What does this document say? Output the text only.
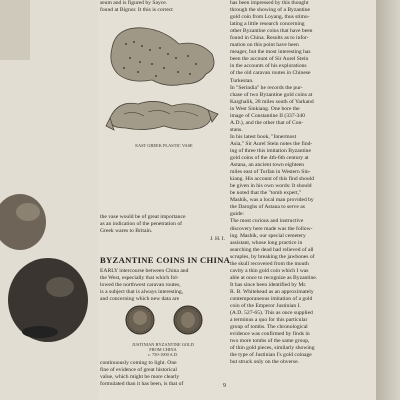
seum and is figured by Sayce.

found at Bignor. It this is correct

EAST GREEK PLASTIC VASE

the vase would be of great importance

as an indication of the penetration of

Greek wares to Britain.

J. H. I.
BYZANTINE COINS IN CHINA

EARLY intercourse between China and

the West, especially that which fol-

lowed the northwest caravan routes,

is a subject that is always interesting,

and concerning which new data are

JUSTINIAN BYZANTINE GOLD
FROM CHINA
c. 750-1000 A.D.

continuously coming to light. One

fine of evidence of great historical

value, which might be more clearly

formulated than it has been, is that of

has been impressed by this thought

through the showing of a Byzantine

gold coin from Loyang, thus stimu-

lating a little research concerning

other Byzantine coins that have been

found in China. Results as to infor-

mation on this point have been

meager, but the most interesting has

been the account of Sir Aurel Stein

in the accounts of his explorations

of the old caravan routes in Chinese

Turkestan.

In "Serindia" he records the pur-

chase of two Byzantine gold coins at

Karghalik, 28 miles south of Yarkand

in West Sinkiang. One bore the

image of Constantine II (337-340

A.D.), and the other that of Con-

stans.

In his latest book, "Innermost

Asia," Sir Aurel Stein notes the find-

ing of three this imitation Byzantine

gold coins of the 4th-6th century at

Astana, an ancient town eighteen

miles east of Turfan in Western Sin-

kiang. His account of this find should

be given in his own words: It should

be noted that the "tomb expert,"

Mashik, was a local man provided by

the Daroghs of Astana to serve as

guide:

The most curious and instructive

discovery here made was the follow-

ing. Mashik, our special cemetery

assistant, whose long practice in

searching the dead had relieved of all

scruples, by breaking the jawbones of

the skull recovered from the mouth

cavity a thin gold coin which I was

able at once to recognize as Byzantine.

It has since been identified by Mr.

R. B. Whitehead as an approximately

contemporaneous imitation of a gold

coin of the Emperor Justinian I.

(A.D. 527-65). This as once supplied

a terminus a quo for this particular

group of tombs. The chronological

evidence was confirmed by finds in

two more tombs of the same group,

of thin gold pieces, similarly showing

the type of Justinian I's gold coinage

but struck only on the obverse.

9
